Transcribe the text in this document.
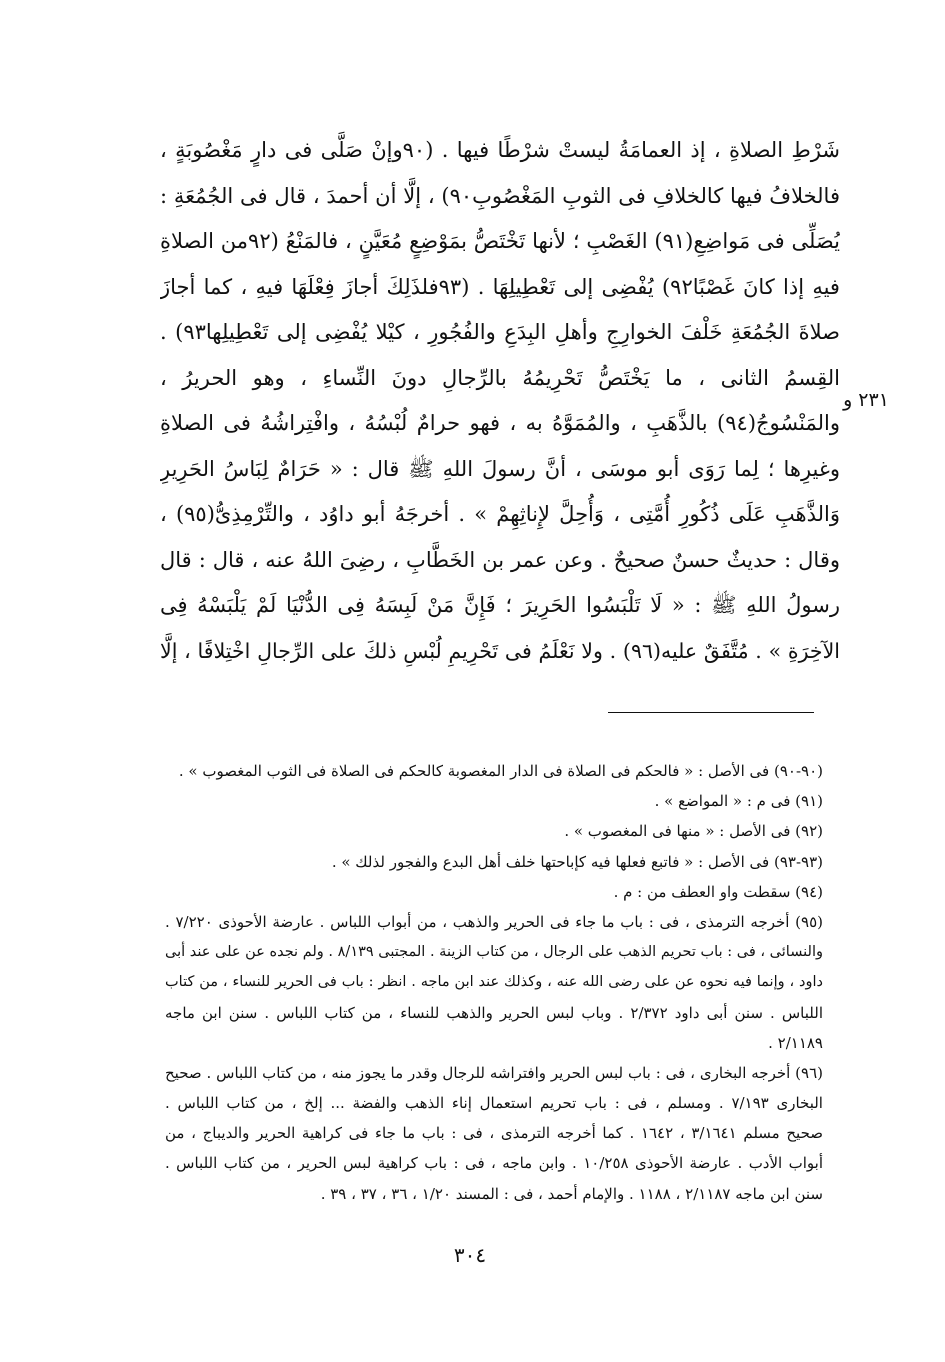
شَرْطِ الصلاةِ ، إذ العمامَةُ ليستْ شرْطًا فيها . (٩٠وإنْ صَلَّى فى دارٍ مَغْصُوبَةٍ ،
فالخلافُ فيها كالخلافِ فى الثوبِ المَغْصُوبِ٩٠) ، إلَّا أن أحمدَ ، قال فى الجُمُعَةِ :
يُصَلِّى فى مَواضِعِ(٩١) الغَصْبِ ؛ لأنها تَخْتَصُّ بمَوْضِعٍ مُعَيَّنٍ ، فالمَنْعُ (٩٢من الصلاةِ
فيهِ إذا كانَ غَصْبًا٩٢) يُفْضِى إلى تَعْطِيلِهَا . (٩٣فلذَلِكَ أجازَ فِعْلَهَا فيهِ ، كما أجازَ
صلاةَ الجُمُعَةِ خَلْفَ الخوارِجِ وأهلِ البِدَعِ والفُجُورِ ، كيْلا يُفْضِى إلى تَعْطِيلِها٩٣) .
القِسمُ الثانى ، ما يَخْتَصُّ تَحْرِيمُهُ بالرِّجالِ دونَ النِّساءِ ، وهو الحريرُ ،
والمَنْسُوجُ(٩٤) بالذَّهَبِ ، والمُمَوَّهُ به ، فهو حرامٌ لُبْسُهُ ، وافْتِراشُهُ فى الصلاةِ
وغيرِها ؛ لِما رَوَى أبو موسَى ، أنَّ رسولَ اللهِ ﷺ قال : « حَرَامٌ لِبَاسُ الحَرِيرِ
وَالذَّهَبِ عَلَى ذُكُورِ أُمَّتِى ، وَأُحِلَّ لإِناثِهِمْ » . أخرجَهُ أبو داوُد ، والتِّرْمِذِىُّ(٩٥) ،
وقال : حديثٌ حسنٌ صحيحٌ . وعن عمر بن الخَطَّابِ ، رضِىَ اللهُ عنه ، قال : قال
رسولُ اللهِ ﷺ : « لَا تَلْبَسُوا الحَرِيرَ ؛ فَإِنَّ مَنْ لَبِسَهُ فِى الدُّنْيَا لَمْ يَلْبَسْهُ فِى
الآخِرَةِ » . مُتَّفَقٌ عليه(٩٦) . ولا نَعْلَمُ فى تَحْرِيمِ لُبْسِ ذلكَ على الرِّجالِ اخْتِلافًا ، إلَّا
٢٣١ و
(٩٠-٩٠) فى الأصل : « فالحكم فى الصلاة فى الدار المغصوبة كالحكم فى الصلاة فى الثوب المغصوب » .
(٩١) فى م : « المواضع » .
(٩٢) فى الأصل : « منها فى المغصوب » .
(٩٣-٩٣) فى الأصل : « فاتبع فعلها فيه كإباحتها خلف أهل البدع والفجور لذلك » .
(٩٤) سقطت واو العطف من : م .
(٩٥) أخرجه الترمذى ، فى : باب ما جاء فى الحرير والذهب ، من أبواب اللباس . عارضة الأحوذى ٧/٢٢٠ .
والنسائى ، فى : باب تحريم الذهب على الرجال ، من كتاب الزينة . المجتبى ٨/١٣٩ . ولم نجده عن على عند أبى
داود ، وإنما فيه نحوه عن على رضى الله عنه ، وكذلك عند ابن ماجه . انظر : باب فى الحرير للنساء ، من كتاب
اللباس . سنن أبى داود ٢/٣٧٢ . وباب لبس الحرير والذهب للنساء ، من كتاب اللباس . سنن ابن ماجه
٢/١١٨٩ .
(٩٦) أخرجه البخارى ، فى : باب لبس الحرير وافتراشه للرجال وقدر ما يجوز منه ، من كتاب اللباس . صحيح
البخارى ٧/١٩٣ . ومسلم ، فى : باب تحريم استعمال إناء الذهب والفضة ... إلخ ، من كتاب اللباس .
صحيح مسلم ٣/١٦٤١ ، ١٦٤٢ . كما أخرجه الترمذى ، فى : باب ما جاء فى كراهية الحرير والديباج ، من
أبواب الأدب . عارضة الأحوذى ١٠/٢٥٨ . وابن ماجه ، فى : باب كراهية لبس الحرير ، من كتاب اللباس .
سنن ابن ماجه ٢/١١٨٧ ، ١١٨٨ . والإمام أحمد ، فى : المسند ١/٢٠ ، ٣٦ ، ٣٧ ، ٣٩ .
٣٠٤
